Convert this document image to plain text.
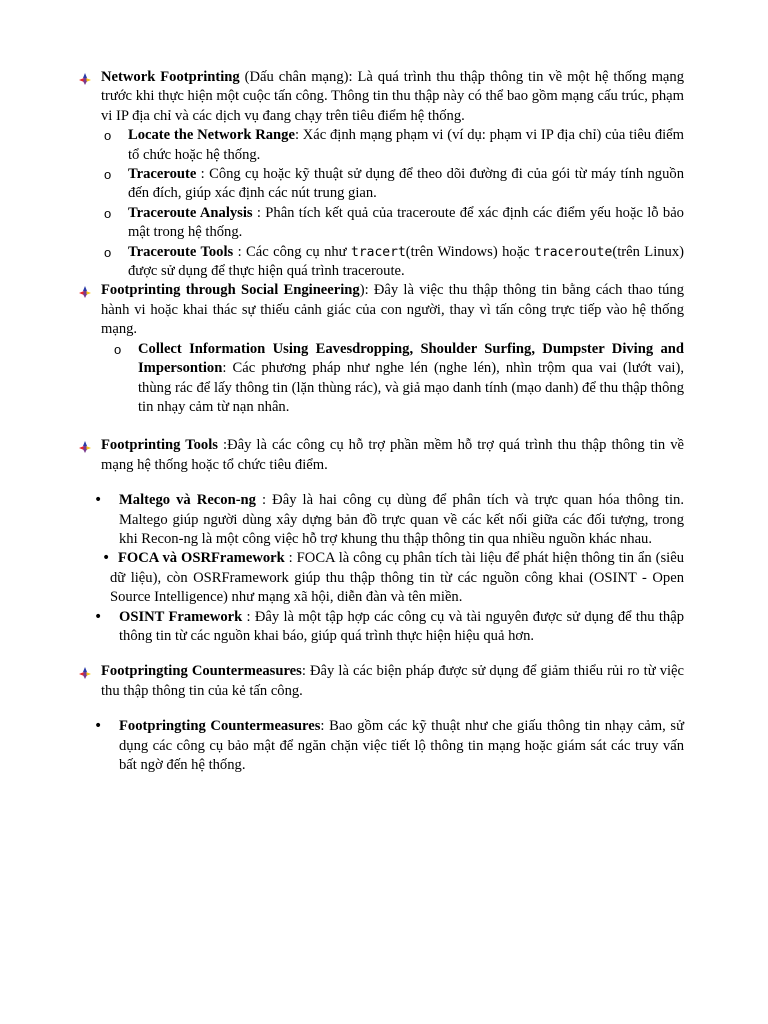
Network Footprinting (Dấu chân mạng): Là quá trình thu thập thông tin về một hệ thống mạng trước khi thực hiện một cuộc tấn công. Thông tin thu thập này có thể bao gồm mạng cấu trúc, phạm vi IP địa chỉ và các dịch vụ đang chạy trên tiêu điểm hệ thống.
o Locate the Network Range: Xác định mạng phạm vi (ví dụ: phạm vi IP địa chỉ) của tiêu điểm tổ chức hoặc hệ thống.
o Traceroute : Công cụ hoặc kỹ thuật sử dụng để theo dõi đường đi của gói từ máy tính nguồn đến đích, giúp xác định các nút trung gian.
o Traceroute Analysis : Phân tích kết quả của traceroute để xác định các điểm yếu hoặc lỗ bảo mật trong hệ thống.
o Traceroute Tools : Các công cụ như tracert(trên Windows) hoặc traceroute(trên Linux) được sử dụng để thực hiện quá trình traceroute.
Footprinting through Social Engineering): Đây là việc thu thập thông tin bằng cách thao túng hành vi hoặc khai thác sự thiếu cảnh giác của con người, thay vì tấn công trực tiếp vào hệ thống mạng.
o Collect Information Using Eavesdropping, Shoulder Surfing, Dumpster Diving and Impersontion: Các phương pháp như nghe lén (nghe lén), nhìn trộm qua vai (lướt vai), thùng rác để lấy thông tin (lặn thùng rác), và giả mạo danh tính (mạo danh) để thu thập thông tin nhạy cảm từ nạn nhân.
Footprinting Tools :Đây là các công cụ hỗ trợ phần mềm hỗ trợ quá trình thu thập thông tin về mạng hệ thống hoặc tổ chức tiêu điểm.
• Maltego và Recon-ng : Đây là hai công cụ dùng để phân tích và trực quan hóa thông tin. Maltego giúp người dùng xây dựng bản đồ trực quan về các kết nối giữa các đối tượng, trong khi Recon-ng là một công việc hỗ trợ khung thu thập thông tin qua nhiều nguồn khác nhau.
• FOCA và OSRFramework : FOCA là công cụ phân tích tài liệu để phát hiện thông tin ẩn (siêu dữ liệu), còn OSRFramework giúp thu thập thông tin từ các nguồn công khai (OSINT - Open Source Intelligence) như mạng xã hội, diễn đàn và tên miền.
• OSINT Framework : Đây là một tập hợp các công cụ và tài nguyên được sử dụng để thu thập thông tin từ các nguồn khai báo, giúp quá trình thực hiện hiệu quả hơn.
Footpringting Countermeasures: Đây là các biện pháp được sử dụng để giảm thiểu rủi ro từ việc thu thập thông tin của kẻ tấn công.
• Footpringting Countermeasures: Bao gồm các kỹ thuật như che giấu thông tin nhạy cảm, sử dụng các công cụ bảo mật để ngăn chặn việc tiết lộ thông tin mạng hoặc giám sát các truy vấn bất ngờ đến hệ thống.
